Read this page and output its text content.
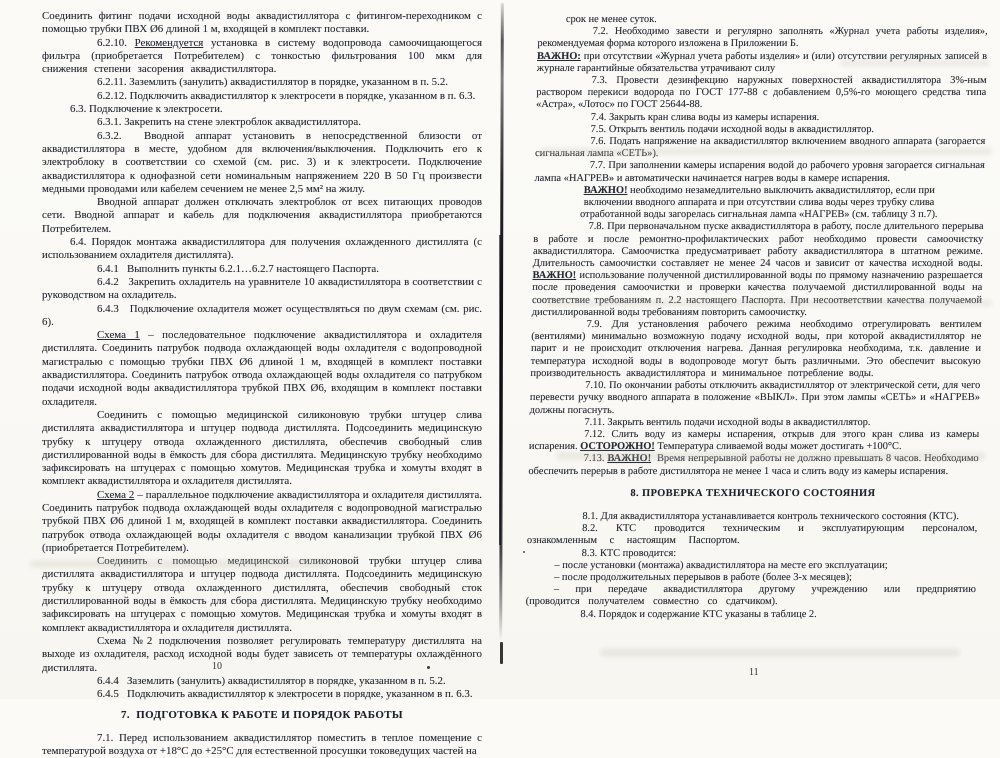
Соединить фитинг подачи исходной воды аквадистиллятора с фитингом-переходником с помощью трубки ПВХ Ø6 длиной 1 м, входящей в комплект поставки.
6.2.10. Рекомендуется установка в систему водопровода самоочищающегося фильтра (приобретается Потребителем) с тонкостью фильтрования 100 мкм для снижения степени засорения аквадистиллятора.
6.2.11. Заземлить (занулить) аквадистиллятор в порядке, указанном в п. 5.2.
6.2.12. Подключить аквадистиллятор к электросети в порядке, указанном в п. 6.3.
6.3. Подключение к электросети.
6.3.1. Закрепить на стене электроблок аквадистиллятора.
6.3.2.  Вводной аппарат установить в непосредственной близости от аквадистиллятора в месте, удобном для включения/выключения. Подключить его к электроблоку в соответствии со схемой (см. рис. 3) и к электросети. Подключение аквадистиллятора к однофазной сети номинальным напряжением 220 В 50 Гц произвести медными проводами или кабелем сечением не менее 2,5 мм² на жилу.
Вводной аппарат должен отключать электроблок от всех питающих проводов сети. Вводной аппарат и кабель для подключения аквадистиллятора приобретаются Потребителем.
6.4. Порядок монтажа аквадистиллятора для получения охлажденного дистиллята (с использованием охладителя дистиллята).
6.4.1   Выполнить пункты 6.2.1…6.2.7 настоящего Паспорта.
6.4.2   Закрепить охладитель на уравнителе 10 аквадистиллятора в соответствии с руководством на охладитель.
6.4.3   Подключение охладителя может осуществляться по двум схемам (см. рис. 6).
Схема 1 – последовательное подключение аквадистиллятора и охладителя дистиллята. Соединить патрубок подвода охлаждающей воды охладителя с водопроводной магистралью с помощью трубки ПВХ Ø6 длиной 1 м, входящей в комплект поставки аквадистиллятора. Соединить патрубок отвода охлаждающей воды охладителя со патрубком подачи исходной воды аквадистиллятора трубкой ПВХ Ø6, входящим в комплект поставки охладителя.
Соединить с помощью медицинской силиконовую трубки штуцер слива дистиллята аквадистиллятора и штуцер подвода дистиллята. Подсоединить медицинскую трубку к штуцеру отвода охлажденного дистиллята, обеспечив свободный слив дистиллированной воды в ёмкость для сбора дистиллята. Медицинскую трубку необходимо зафиксировать на штуцерах с помощью хомутов. Медицинская трубка и хомуты входят в комплект аквадистиллятора и охладителя дистиллята.
Схема 2 – параллельное подключение аквадистиллятора и охладителя дистиллята. Соединить патрубок подвода охлаждающей воды охладителя с водопроводной магистралью трубкой ПВХ Ø6 длиной 1 м, входящей в комплект поставки аквадистиллятора. Соединить патрубок отвода охлаждающей воды охладителя с вводом канализации трубкой ПВХ Ø6 (приобретается Потребителем).
Соединить с помощью медицинской силиконовой трубки штуцер слива дистиллята аквадистиллятора и штуцер подвода дистиллята. Подсоединить медицинскую трубку к штуцеру отвода охлажденного дистиллята, обеспечив свободный сток дистиллированной воды в ёмкость для сбора дистиллята. Медицинскую трубку необходимо зафиксировать на штуцерах с помощью хомутов. Медицинская трубка и хомуты входят в комплект аквадистиллятора и охладителя дистиллята.
Схема №2 подключения позволяет регулировать температуру дистиллята на выходе из охладителя, расход исходной воды будет зависеть от температуры охлаждённого дистиллята.
6.4.4   Заземлить (занулить) аквадистиллятор в порядке, указанном в п. 5.2.
6.4.5   Подключить аквадистиллятор к электросети в порядке, указанном в п. 6.3.
7.  ПОДГОТОВКА К РАБОТЕ И ПОРЯДОК РАБОТЫ
7.1. Перед использованием аквадистиллятор поместить в теплое помещение с температурой воздуха от +18°С до +25°С для естественной просушки токоведущих частей на
срок не менее суток.
7.2. Необходимо завести и регулярно заполнять «Журнал учета работы изделия», рекомендуемая форма которого изложена в Приложении Б.
ВАЖНО: при отсутствии «Журнал учета работы изделия» и (или) отсутствии регулярных записей в журнале гарантийные обязательства утрачивают силу
7.3. Провести дезинфекцию наружных поверхностей аквадистиллятора 3%-ным раствором перекиси водорода по ГОСТ 177-88 с добавлением 0,5%-го моющего средства типа «Астра», «Лотос» по ГОСТ 25644-88.
7.4. Закрыть кран слива воды из камеры испарения.
7.5. Открыть вентиль подачи исходной воды в аквадистиллятор.
7.6. Подать напряжение на аквадистиллятор включением вводного аппарата (загорается сигнальная лампа «СЕТЬ»).
7.7. При заполнении камеры испарения водой до рабочего уровня загорается сигнальная лампа «НАГРЕВ» и автоматически начинается нагрев воды в камере испарения.
ВАЖНО! необходимо незамедлительно выключить аквадистиллятор, если при включении вводного аппарата и при отсутствии слива воды через трубку слива отработанной воды загорелась сигнальная лампа «НАГРЕВ» (см. таблицу 3 п.7).
7.8. При первоначальном пуске аквадистиллятора в работу, после длительного перерыва в работе и после ремонтно-профилактических работ необходимо провести самоочистку аквадистиллятора. Самоочистка предусматривает работу аквадистиллятора в штатном режиме. Длительность самоочистки составляет не менее 24 часов и зависит от качества исходной воды. ВАЖНО! использование полученной дистиллированной воды по прямому назначению разрешается после проведения самоочистки и проверки качества получаемой дистиллированной воды на соответствие требованиям п. 2.2 настоящего Паспорта. При несоответствии качества получаемой дистиллированной воды требованиям повторить самоочистку.
7.9. Для установления рабочего режима необходимо отрегулировать вентилем (вентилями) минимально возможную подачу исходной воды, при которой аквадистиллятор не парит и не происходит отключения нагрева. Данная регулировка необходима, т.к. давление и температура исходной воды в водопроводе могут быть различными. Это обеспечит высокую производительность аквадистиллятора и минимальное потребление воды.
7.10. По окончании работы отключить аквадистиллятор от электрической сети, для чего перевести ручку вводного аппарата в положение «ВЫКЛ». При этом лампы «СЕТЬ» и «НАГРЕВ» должны погаснуть.
7.11. Закрыть вентиль подачи исходной воды в аквадистиллятор.
7.12. Слить воду из камеры испарения, открыв для этого кран слива из камеры испарения. ОСТОРОЖНО! Температура сливаемой воды может достигать +100°С.
7.13. ВАЖНО!  Время непрерывной работы не должно превышать 8 часов. Необходимо обеспечить перерыв в работе дистиллятора не менее 1 часа и слить воду из камеры испарения.
8. ПРОВЕРКА ТЕХНИЧЕСКОГО СОСТОЯНИЯ
8.1. Для аквадистиллятора устанавливается контроль технического состояния (КТС).
8.2. КТС проводится техническим и эксплуатирующим персоналом, ознакомленным с настоящим Паспортом.
8.3. КТС проводится:
– после установки (монтажа) аквадистиллятора на месте его эксплуатации;
– после продолжительных перерывов в работе (более 3-х месяцев);
– при передаче аквадистиллятора другому учреждению или предприятию (проводится получателем совместно со сдатчиком).
8.4. Порядок и содержание КТС указаны в таблице 2.
10
11
